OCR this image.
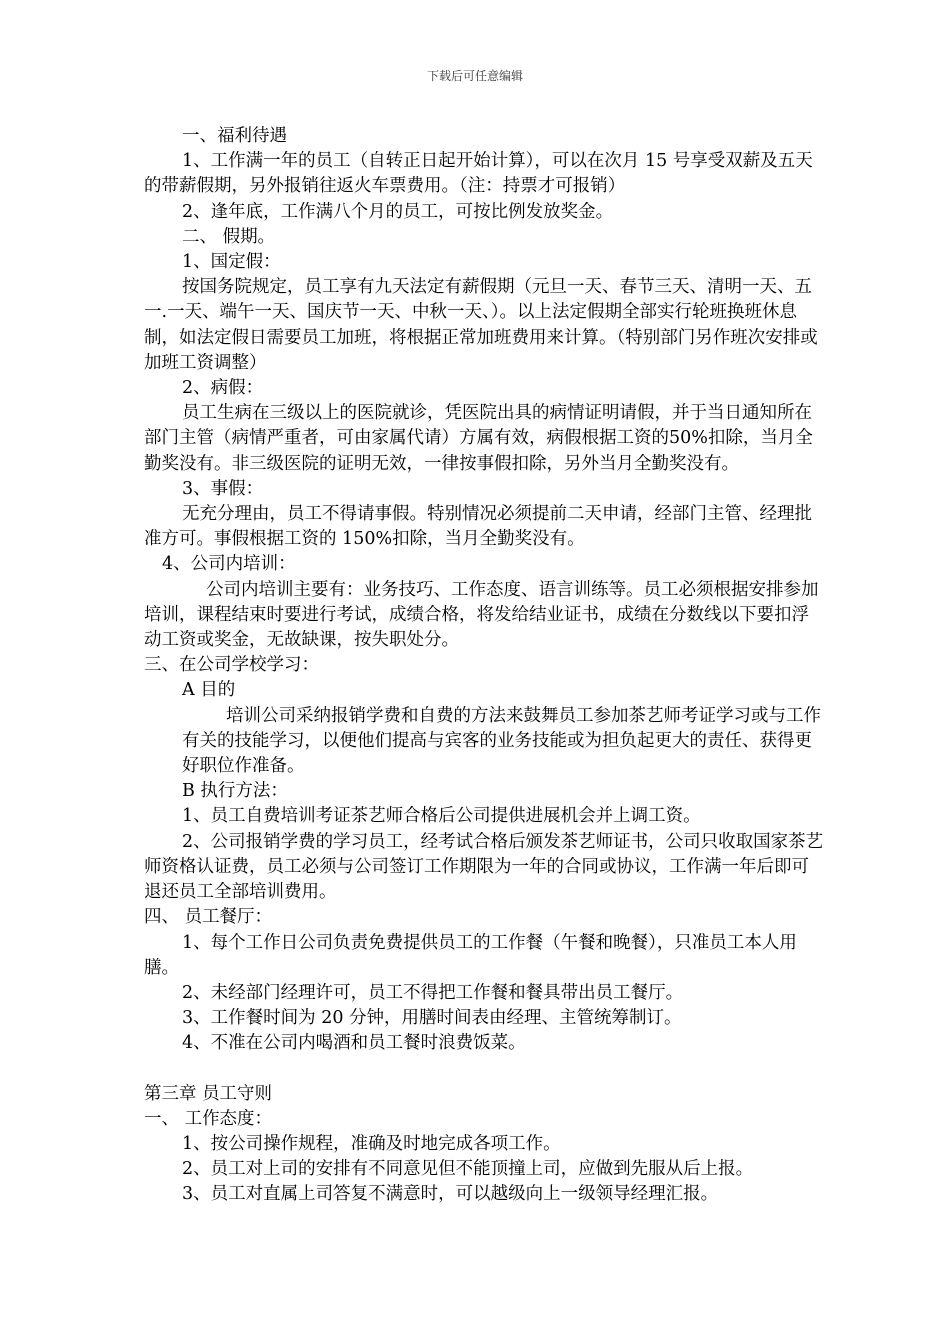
下载后可任意编辑

一、福利待遇

1、工作满一年的员工（自转正日起开始计算），可以在次月 15 号享受双薪及五天的带薪假期，另外报销往返火车票费用。（注：持票才可报销）

2、逢年底，工作满八个月的员工，可按比例发放奖金。

二、 假期。

1、国定假：

按国务院规定，员工享有九天法定有薪假期（元旦一天、春节三天、清明一天、五一.一天、端午一天、国庆节一天、中秋一天、）。以上法定假期全部实行轮班换班休息制，如法定假日需要员工加班，将根据正常加班费用来计算。（特别部门另作班次安排或加班工资调整）

2、病假：

员工生病在三级以上的医院就诊，凭医院出具的病情证明请假，并于当日通知所在部门主管（病情严重者，可由家属代请）方属有效，病假根据工资的50%扣除，当月全勤奖没有。非三级医院的证明无效，一律按事假扣除，另外当月全勤奖没有。

3、事假：

无充分理由，员工不得请事假。特别情况必须提前二天申请，经部门主管、经理批准方可。事假根据工资的 150%扣除，当月全勤奖没有。

4、公司内培训：

公司内培训主要有：业务技巧、工作态度、语言训练等。员工必须根据安排参加培训，课程结束时要进行考试，成绩合格，将发给结业证书，成绩在分数线以下要扣浮动工资或奖金，无故缺课，按失职处分。

三、在公司学校学习：

A 目的

培训公司采纳报销学费和自费的方法来鼓舞员工参加茶艺师考证学习或与工作有关的技能学习，以便他们提高与宾客的业务技能或为担负起更大的责任、获得更好职位作准备。

B 执行方法：

1、员工自费培训考证茶艺师合格后公司提供进展机会并上调工资。

2、公司报销学费的学习员工，经考试合格后颁发茶艺师证书，公司只收取国家茶艺师资格认证费，员工必须与公司签订工作期限为一年的合同或协议，工作满一年后即可退还员工全部培训费用。

四、 员工餐厅：

1、每个工作日公司负责免费提供员工的工作餐（午餐和晚餐），只准员工本人用膳。

2、未经部门经理许可，员工不得把工作餐和餐具带出员工餐厅。

3、工作餐时间为 20 分钟，用膳时间表由经理、主管统筹制订。

4、不准在公司内喝酒和员工餐时浪费饭菜。

第三章 员工守则

一、 工作态度：

1、按公司操作规程，准确及时地完成各项工作。

2、员工对上司的安排有不同意见但不能顶撞上司，应做到先服从后上报。

3、员工对直属上司答复不满意时，可以越级向上一级领导经理汇报。
